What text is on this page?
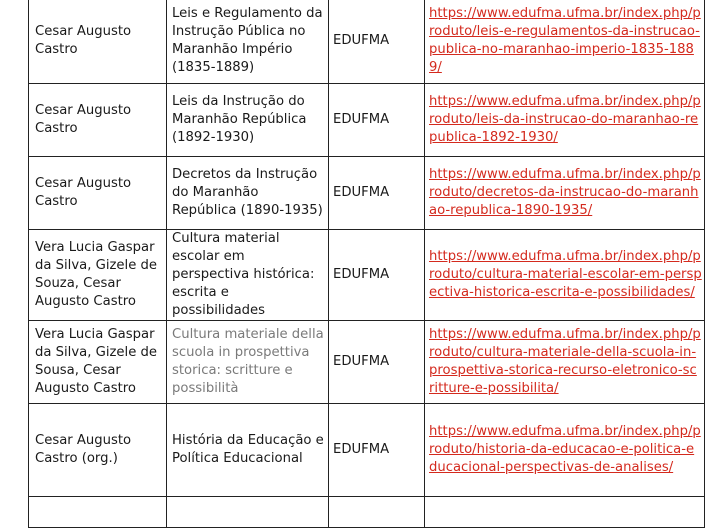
Cesar Augusto Castro	Leis e Regulamento da Instrução Pública no Maranhão Império (1835-1889)	EDUFMA	https://www.edufma.ufma.br/index.php/produto/leis-e-regulamentos-da-instrucao-publica-no-maranhao-imperio-1835-1889/
Cesar Augusto Castro	Leis da Instrução do Maranhão República (1892-1930)	EDUFMA	https://www.edufma.ufma.br/index.php/produto/leis-da-instrucao-do-maranhao-republica-1892-1930/
Cesar Augusto Castro	Decretos da Instrução do Maranhão República (1890-1935)	EDUFMA	https://www.edufma.ufma.br/index.php/produto/decretos-da-instrucao-do-maranhao-republica-1890-1935/
Vera Lucia Gaspar da Silva, Gizele de Souza, Cesar Augusto Castro	Cultura material escolar em perspectiva histórica: escrita e possibilidades	EDUFMA	https://www.edufma.ufma.br/index.php/produto/cultura-material-escolar-em-perspectiva-historica-escrita-e-possibilidades/
Vera Lucia Gaspar da Silva, Gizele de Sousa, Cesar Augusto Castro	Cultura materiale della scuola in prospettiva storica: scritture e possibilità	EDUFMA	https://www.edufma.ufma.br/index.php/produto/cultura-materiale-della-scuola-in-prospettiva-storica-recurso-eletronico-scritture-e-possibilita/
Cesar Augusto Castro (org.)	História da Educação e Política Educacional	EDUFMA	https://www.edufma.ufma.br/index.php/produto/historia-da-educacao-e-politica-educacional-perspectivas-de-analises/
